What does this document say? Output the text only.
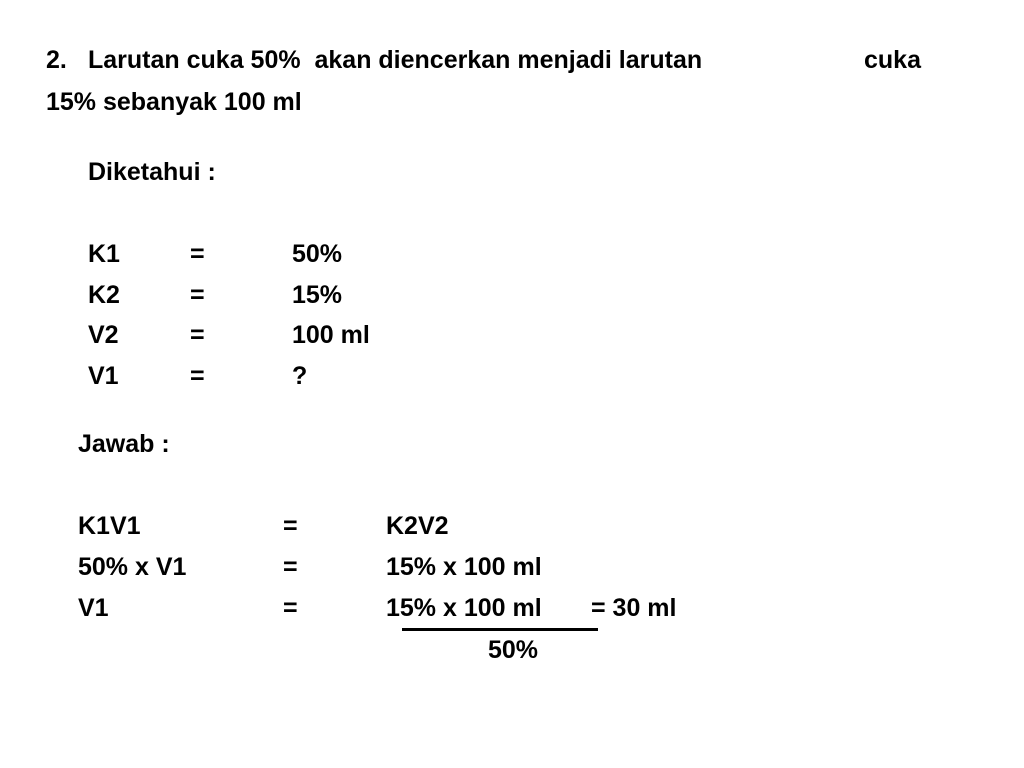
2. Larutan cuka 50%  akan diencerkan menjadi larutan	cuka
15% sebanyak 100 ml
Diketahui :
K1	=	50%
K2	=	15%
V2	=	100 ml
V1	=	?
Jawab :
K1V1	=	K2V2
50% x V1	=	15% x 100 ml
V1	=	15% x 100 ml = 30 ml
50%
